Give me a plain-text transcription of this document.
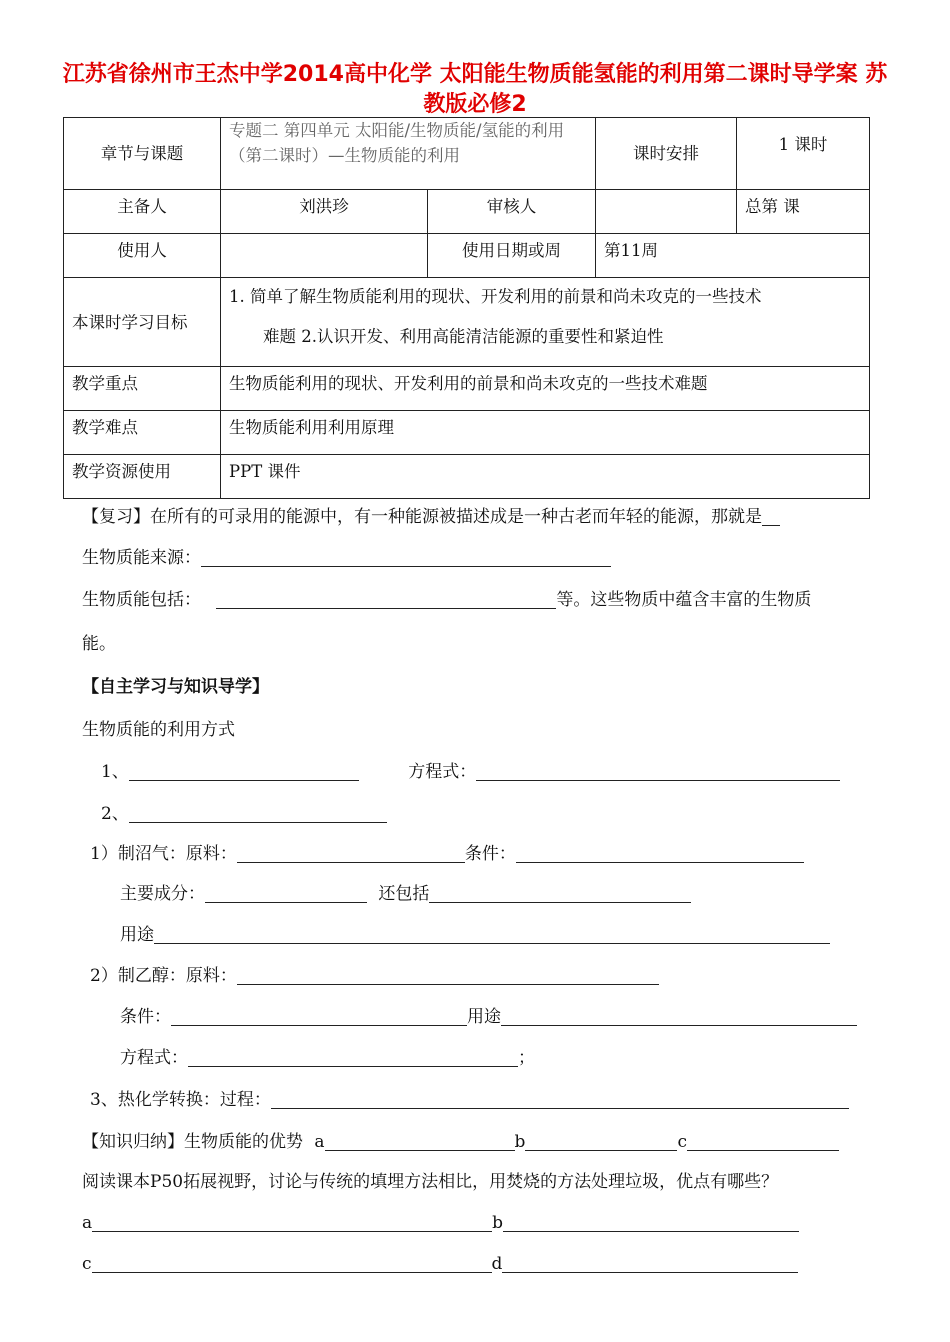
江苏省徐州市王杰中学2014高中化学 太阳能生物质能氢能的利用第二课时导学案 苏教版必修2
章节与课题	专题二 第四单元 太阳能/生物质能/氢能的利用（第二课时）—生物质能的利用		课时安排	1 课时
主备人	刘洪珍	审核人		总第 课
使用人		使用日期或周	第11周	
本课时学习目标	1. 简单了解生物质能利用的现状、开发利用的前景和尚未攻克的一些技术
难题 2.认识开发、利用高能清洁能源的重要性和紧迫性			

教学重点	生物质能利用的现状、开发利用的前景和尚未攻克的一些技术难题			
教学难点	生物质能利用利用原理			
教学资源使用	PPT 课件			
【复习】在所有的可录用的能源中，有一种能源被描述成是一种古老而年轻的能源，那就是
生物质能来源：
生物质能包括：	等。这些物质中蕴含丰富的生物质
能。
【自主学习与知识导学】
生物质能的利用方式
1、	方程式：
2、
1）制沼气：原料：	条件：
主要成分：	还包括
用途
2）制乙醇：原料：
条件：	用途
方程式：	；
3、热化学转换：过程：
【知识归纳】生物质能的优势 a	b	c
阅读课本P50拓展视野，讨论与传统的填埋方法相比，用焚烧的方法处理垃圾，优点有哪些？
a	b
c	d
